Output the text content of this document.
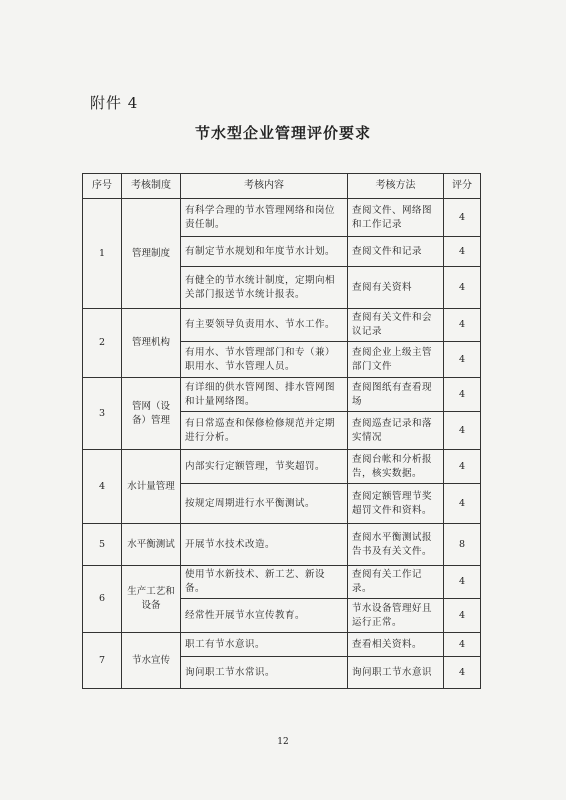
附件 4
节水型企业管理评价要求
序号	考核制度	考核内容	考核方法	评分
1	管理制度	有科学合理的节水管理网络和岗位责任制。	查阅文件、网络图和工作记录	4
		有制定节水规划和年度节水计划。	查阅文件和记录	4
		有健全的节水统计制度，定期向相关部门报送节水统计报表。	查阅有关资料	4
2	管理机构	有主要领导负责用水、节水工作。	查阅有关文件和会议记录	4
		有用水、节水管理部门和专（兼）职用水、节水管理人员。	查阅企业上级主管部门文件	4
3	管网（设备）管理	有详细的供水管网图、排水管网图和计量网络图。	查阅图纸有查看现场	4
		有日常巡查和保修检修规范并定期进行分析。	查阅巡查记录和落实情况	4
4	水计量管理	内部实行定额管理，节奖超罚。	查阅台帐和分析报告，核实数据。	4
		按规定周期进行水平衡测试。	查阅定额管理节奖超罚文件和资料。	4
5	水平衡测试	开展节水技术改造。	查阅水平衡测试报告书及有关文件。	8
6	生产工艺和设备	使用节水新技术、新工艺、新设备。	查阅有关工作记录。	4
		经常性开展节水宣传教育。	节水设备管理好且运行正常。	4
7	节水宣传	职工有节水意识。	查看相关资料。	4
		询问职工节水常识。	询问职工节水意识	4
12
